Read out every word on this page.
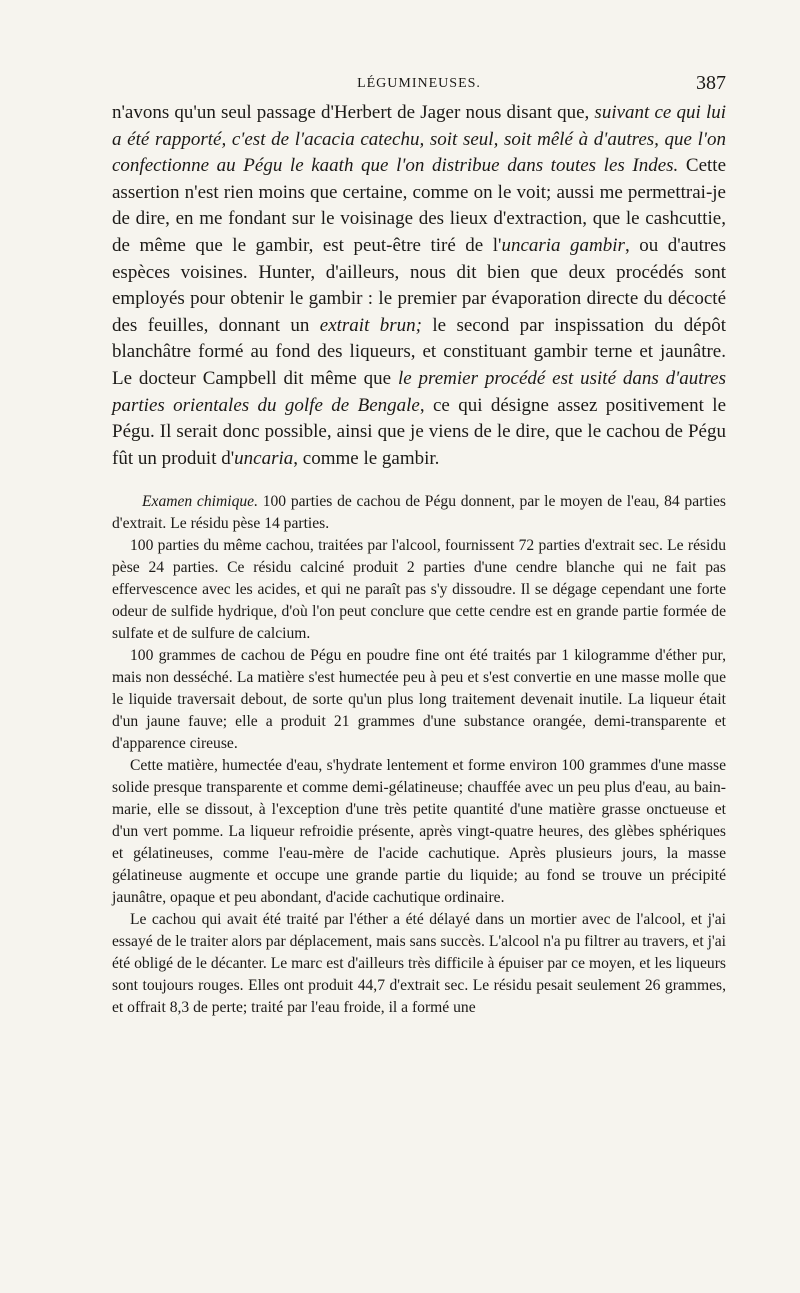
LÉGUMINEUSES.	387

n'avons qu'un seul passage d'Herbert de Jager nous disant que, suivant ce qui lui a été rapporté, c'est de l'acacia catechu, soit seul, soit mêlé à d'autres, que l'on confectionne au Pégu le kaath que l'on distribue dans toutes les Indes. Cette assertion n'est rien moins que certaine, comme on le voit; aussi me permettrai-je de dire, en me fondant sur le voisinage des lieux d'extraction, que le cashcuttie, de même que le gambir, est peut-être tiré de l'uncaria gambir, ou d'autres espèces voisines. Hunter, d'ailleurs, nous dit bien que deux procédés sont employés pour obtenir le gambir : le premier par évaporation directe du décocté des feuilles, donnant un extrait brun; le second par inspissation du dépôt blanchâtre formé au fond des liqueurs, et constituant gambir terne et jaunâtre. Le docteur Campbell dit même que le premier procédé est usité dans d'autres parties orientales du golfe de Bengale, ce qui désigne assez positivement le Pégu. Il serait donc possible, ainsi que je viens de le dire, que le cachou de Pégu fût un produit d'uncaria, comme le gambir.

Examen chimique. 100 parties de cachou de Pégu donnent, par le moyen de l'eau, 84 parties d'extrait. Le résidu pèse 14 parties.

100 parties du même cachou, traitées par l'alcool, fournissent 72 parties d'extrait sec. Le résidu pèse 24 parties. Ce résidu calciné produit 2 parties d'une cendre blanche qui ne fait pas effervescence avec les acides, et qui ne paraît pas s'y dissoudre. Il se dégage cependant une forte odeur de sulfide hydrique, d'où l'on peut conclure que cette cendre est en grande partie formée de sulfate et de sulfure de calcium.

100 grammes de cachou de Pégu en poudre fine ont été traités par 1 kilogramme d'éther pur, mais non desséché. La matière s'est humectée peu à peu et s'est convertie en une masse molle que le liquide traversait debout, de sorte qu'un plus long traitement devenait inutile. La liqueur était d'un jaune fauve; elle a produit 21 grammes d'une substance orangée, demi-transparente et d'apparence cireuse.

Cette matière, humectée d'eau, s'hydrate lentement et forme environ 100 grammes d'une masse solide presque transparente et comme demi-gélatineuse; chauffée avec un peu plus d'eau, au bain-marie, elle se dissout, à l'exception d'une très petite quantité d'une matière grasse onctueuse et d'un vert pomme. La liqueur refroidie présente, après vingt-quatre heures, des glèbes sphériques et gélatineuses, comme l'eau-mère de l'acide cachutique. Après plusieurs jours, la masse gélatineuse augmente et occupe une grande partie du liquide; au fond se trouve un précipité jaunâtre, opaque et peu abondant, d'acide cachutique ordinaire.

Le cachou qui avait été traité par l'éther a été délayé dans un mortier avec de l'alcool, et j'ai essayé de le traiter alors par déplacement, mais sans succès. L'alcool n'a pu filtrer au travers, et j'ai été obligé de le décanter. Le marc est d'ailleurs très difficile à épuiser par ce moyen, et les liqueurs sont toujours rouges. Elles ont produit 44,7 d'extrait sec. Le résidu pesait seulement 26 grammes, et offrait 8,3 de perte; traité par l'eau froide, il a formé une
